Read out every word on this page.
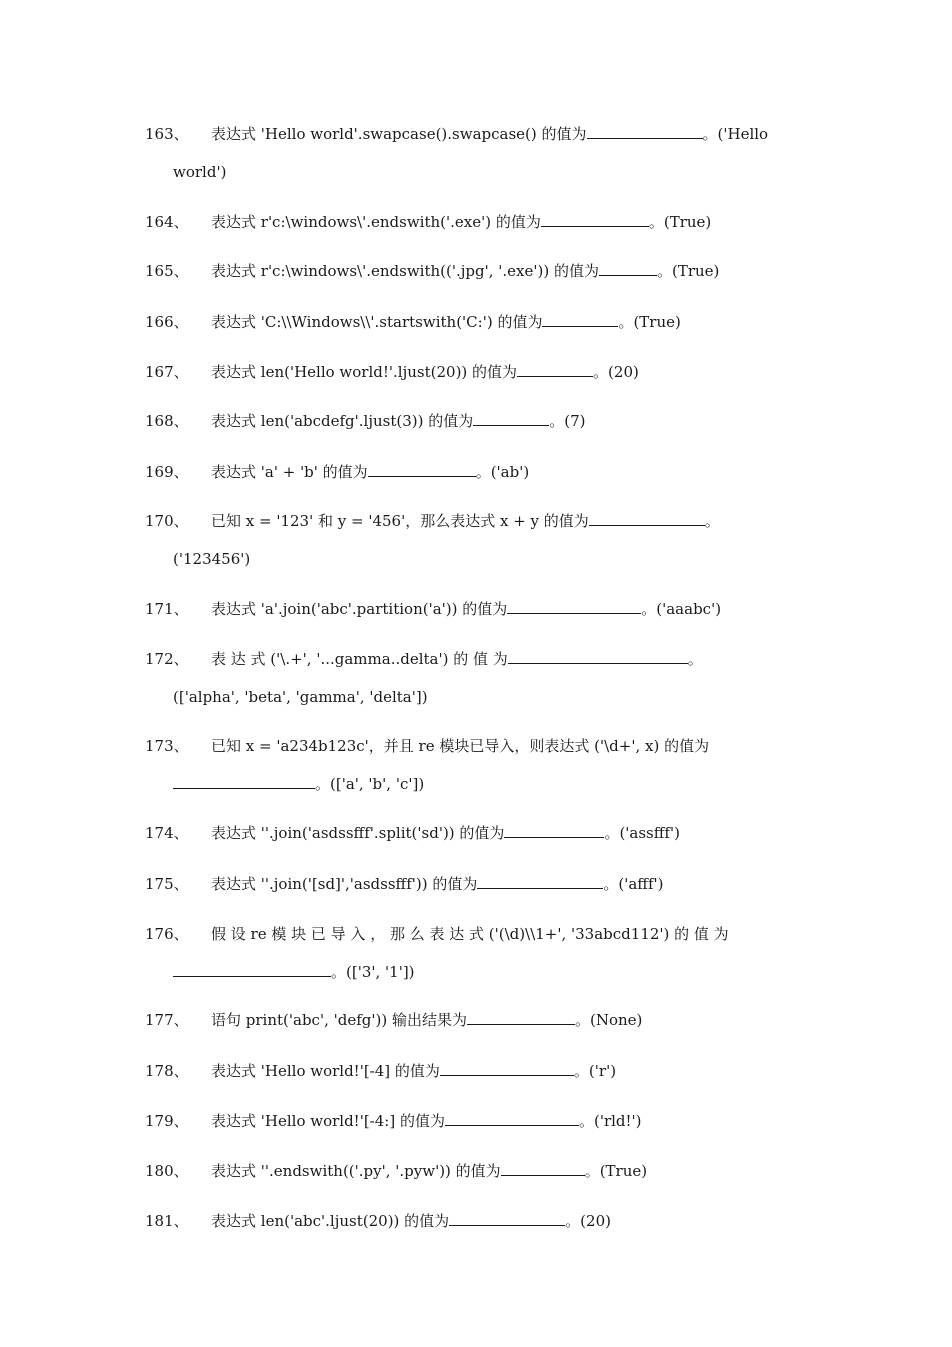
163、 表达式 'Hello world'.swapcase().swapcase() 的值为	。('Hello
world')
164、 表达式 r'c:\windows\'.endswith('.exe') 的值为	。(True)
165、 表达式 r'c:\windows\'.endswith(('.jpg', '.exe')) 的值为	。(True)
166、 表达式 'C:\\Windows\\'.startswith('C:') 的值为	。(True)
167、 表达式 len('Hello world!'.ljust(20)) 的值为	。(20)
168、 表达式 len('abcdefg'.ljust(3)) 的值为	。(7)
169、 表达式 'a' + 'b' 的值为	。('ab')
170、 已知 x = '123' 和 y = '456'，那么表达式 x + y 的值为	。
('123456')
171、 表达式 'a'.join('abc'.partition('a')) 的值为	。('aaabc')
172、 表 达 式 ('\.+', '...gamma..delta') 的 值 为	。
(['alpha', 'beta', 'gamma', 'delta'])
173、 已知 x = 'a234b123c'，并且 re 模块已导入，则表达式 ('\d+', x) 的值为
。(['a', 'b', 'c'])
174、 表达式 ''.join('asdssfff'.split('sd')) 的值为	。('assfff')
175、 表达式 ''.join('[sd]','asdssfff')) 的值为	。('afff')
176、 假 设 re 模 块 已 导 入 ， 那 么 表 达 式 ('(\d)\\1+', '33abcd112') 的 值 为
。(['3', '1'])
177、 语句 print('abc', 'defg')) 输出结果为	。(None)
178、 表达式 'Hello world!'[-4] 的值为	。('r')
179、 表达式 'Hello world!'[-4:] 的值为	。('rld!')
180、 表达式 ''.endswith(('.py', '.pyw')) 的值为	。(True)
181、 表达式 len('abc'.ljust(20)) 的值为	。(20)
